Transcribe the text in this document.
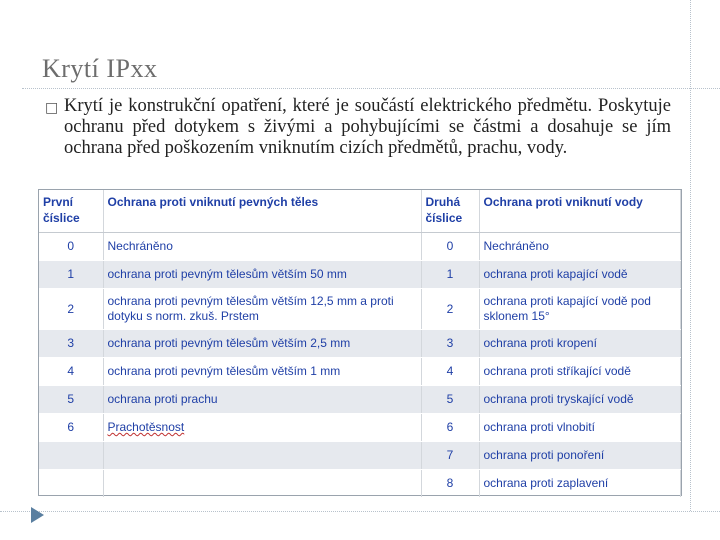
Krytí IPxx
□ Krytí je konstrukční opatření, které je součástí elektrického předmětu. Poskytuje ochranu před dotykem s živými a pohybujícími se částmi a dosahuje se jím ochrana před poškozením vniknutím cizích předmětů, prachu, vody.
První číslice	Ochrana proti vniknutí pevných těles	Druhá číslice	Ochrana proti vniknutí vody
0	Nechráněno	0	Nechráněno
1	ochrana proti pevným tělesům větším 50 mm	1	ochrana proti kapající vodě
2	ochrana proti pevným tělesům větším 12,5 mm a proti dotyku s norm. zkuš. Prstem	2	ochrana proti kapající vodě pod sklonem 15°
3	ochrana proti pevným tělesům větším 2,5 mm	3	ochrana proti kropení
4	ochrana proti pevným tělesům větším 1 mm	4	ochrana proti stříkající vodě
5	ochrana proti prachu	5	ochrana proti tryskající vodě
6	Prachotěsnost	6	ochrana proti vlnobití
		7	ochrana proti ponoření
		8	ochrana proti zaplavení
